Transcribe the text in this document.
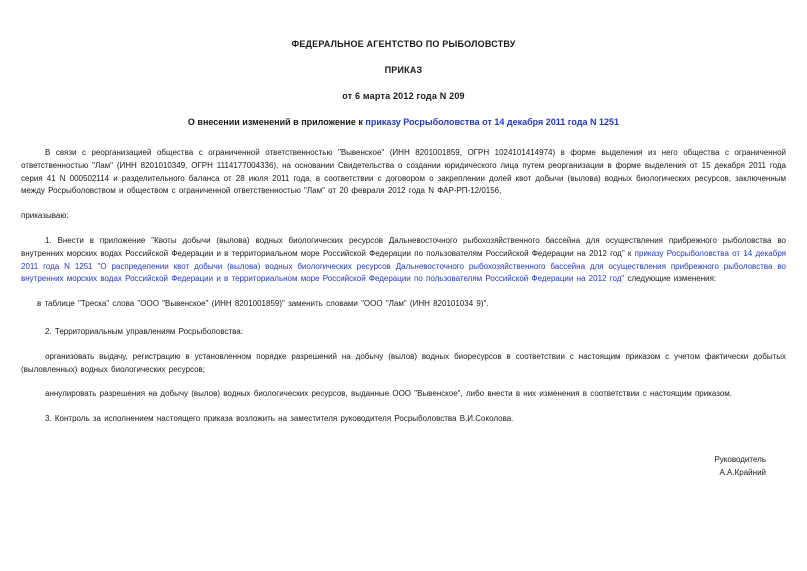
ФЕДЕРАЛЬНОЕ АГЕНТСТВО ПО РЫБОЛОВСТВУ
ПРИКАЗ
от 6 марта 2012 года N 209
О внесении изменений в приложение к приказу Росрыболовства от 14 декабря 2011 года N 1251

В связи с реорганизацией общества с ограниченной ответственностью "Вывенское" (ИНН 8201001859, ОГРН 1024101414974) в форме выделения из него общества с ограниченной ответственностью "Лам" (ИНН 8201010349, ОГРН 1114177004336), на основании Свидетельства о создании юридического лица путем реорганизации в форме выделения от 15 декабря 2011 года серия 41 N 000502114 и разделительного баланса от 28 июля 2011 года, в соответствии с договором о закреплении долей квот добычи (вылова) водных биологических ресурсов, заключенным между Росрыболовством и обществом с ограниченной ответственностью "Лам" от 20 февраля 2012 года N ФАР-РП-12/0156,

приказываю:

1. Внести в приложение "Квоты добычи (вылова) водных биологических ресурсов Дальневосточного рыбохозяйственного бассейна для осуществления прибрежного рыболовства во внутренних морских водах Российской Федерации и в территориальном море Российской Федерации по пользователям Российской Федерации на 2012 год" к приказу Росрыболовства от 14 декабря 2011 года N 1251 "О распределении квот добычи (вылова) водных биологических ресурсов Дальневосточного рыбохозяйственного бассейна для осуществления прибрежного рыболовства во внутренних морских водах Российской Федерации и в территориальном море Российской Федерации по пользователям Российской Федерации на 2012 год" следующие изменения:

в таблице "Треска" слова "ООО "Вывенское" (ИНН 8201001859)" заменить словами "ООО "Лам" (ИНН 820101034 9)".

2. Территориальным управлениям Росрыболовства:

организовать выдачу, регистрацию в установленном порядке разрешений на добычу (вылов) водных биоресурсов в соответствии с настоящим приказом с учетом фактически добытых (выловленных) водных биологических ресурсов;

аннулировать разрешения на добычу (вылов) водных биологических ресурсов, выданные ООО "Вывенское", либо внести в них изменения в соответствии с настоящим приказом.

3. Контроль за исполнением настоящего приказа возложить на заместителя руководителя Росрыболовства В.И.Соколова.

Руководитель
А.А.Крайний
